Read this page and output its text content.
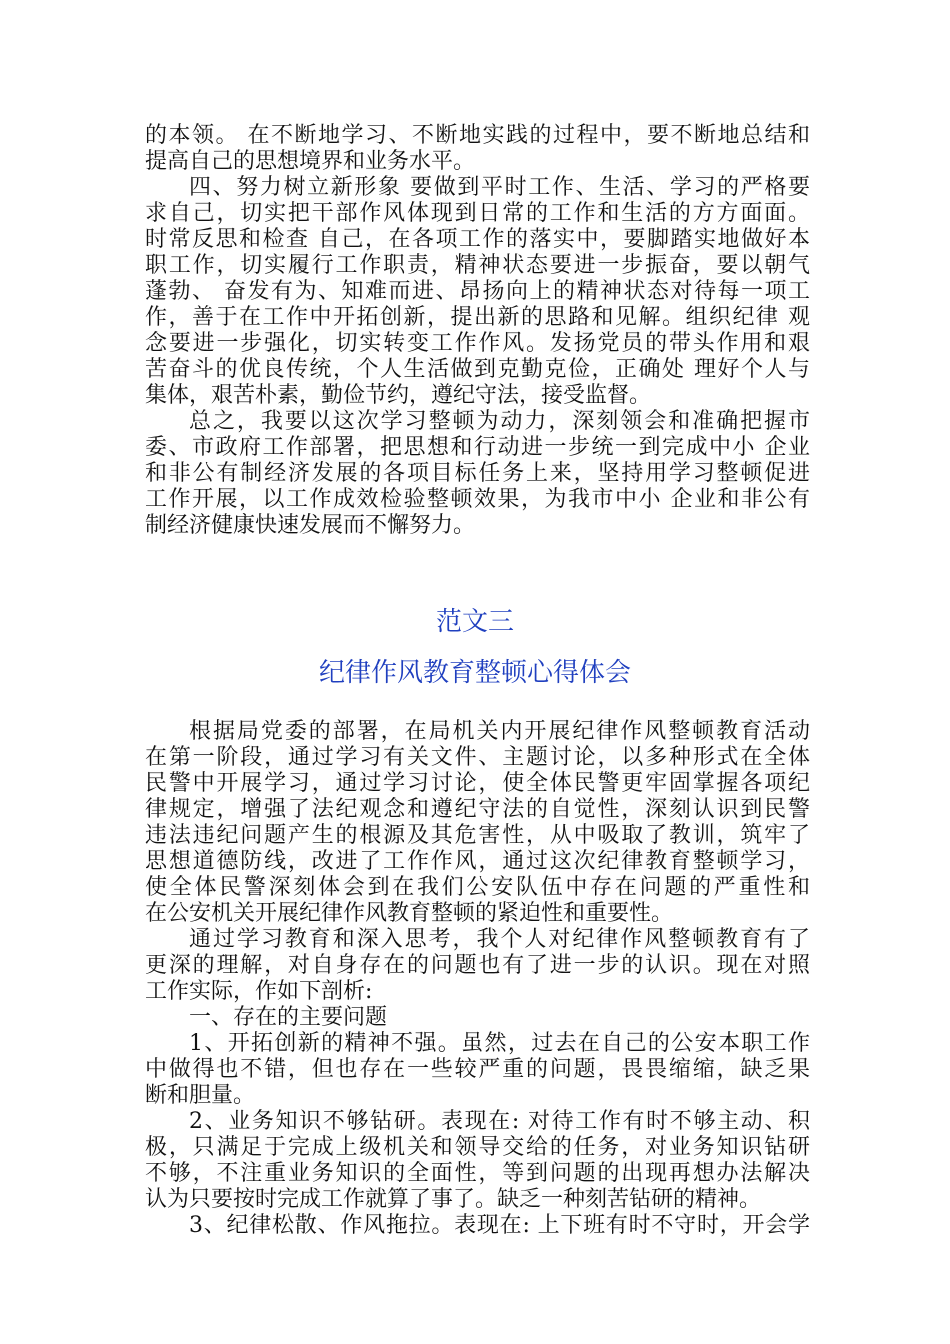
的本领。 在不断地学习、不断地实践的过程中，要不断地总结和
提高自己的思想境界和业务水平。
四、努力树立新形象 要做到平时工作、生活、学习的严格要
求自己，切实把干部作风体现到日常的工作和生活的方方面面。
时常反思和检查 自己，在各项工作的落实中，要脚踏实地做好本
职工作，切实履行工作职责，精神状态要进一步振奋，要以朝气
蓬勃、 奋发有为、知难而进、昂扬向上的精神状态对待每一项工
作，善于在工作中开拓创新，提出新的思路和见解。组织纪律 观
念要进一步强化，切实转变工作作风。发扬党员的带头作用和艰
苦奋斗的优良传统，个人生活做到克勤克俭，正确处 理好个人与
集体，艰苦朴素，勤俭节约，遵纪守法，接受监督。
总之，我要以这次学习整顿为动力，深刻领会和准确把握市
委、市政府工作部署，把思想和行动进一步统一到完成中小 企业
和非公有制经济发展的各项目标任务上来，坚持用学习整顿促进
工作开展，以工作成效检验整顿效果，为我市中小 企业和非公有
制经济健康快速发展而不懈努力。
范文三
纪律作风教育整顿心得体会
根据局党委的部署，在局机关内开展纪律作风整顿教育活动
在第一阶段，通过学习有关文件、主题讨论，以多种形式在全体
民警中开展学习，通过学习讨论，使全体民警更牢固掌握各项纪
律规定，增强了法纪观念和遵纪守法的自觉性，深刻认识到民警
违法违纪问题产生的根源及其危害性，从中吸取了教训，筑牢了
思想道德防线，改进了工作作风，通过这次纪律教育整顿学习，
使全体民警深刻体会到在我们公安队伍中存在问题的严重性和
在公安机关开展纪律作风教育整顿的紧迫性和重要性。
通过学习教育和深入思考，我个人对纪律作风整顿教育有了
更深的理解，对自身存在的问题也有了进一步的认识。现在对照
工作实际，作如下剖析:
一、存在的主要问题
1、开拓创新的精神不强。虽然，过去在自己的公安本职工作
中做得也不错，但也存在一些较严重的问题，畏畏缩缩，缺乏果
断和胆量。
2、业务知识不够钻研。表现在: 对待工作有时不够主动、积
极，只满足于完成上级机关和领导交给的任务，对业务知识钻研
不够，不注重业务知识的全面性，等到问题的出现再想办法解决
认为只要按时完成工作就算了事了。缺乏一种刻苦钻研的精神。
3、纪律松散、作风拖拉。表现在: 上下班有时不守时，开会学
